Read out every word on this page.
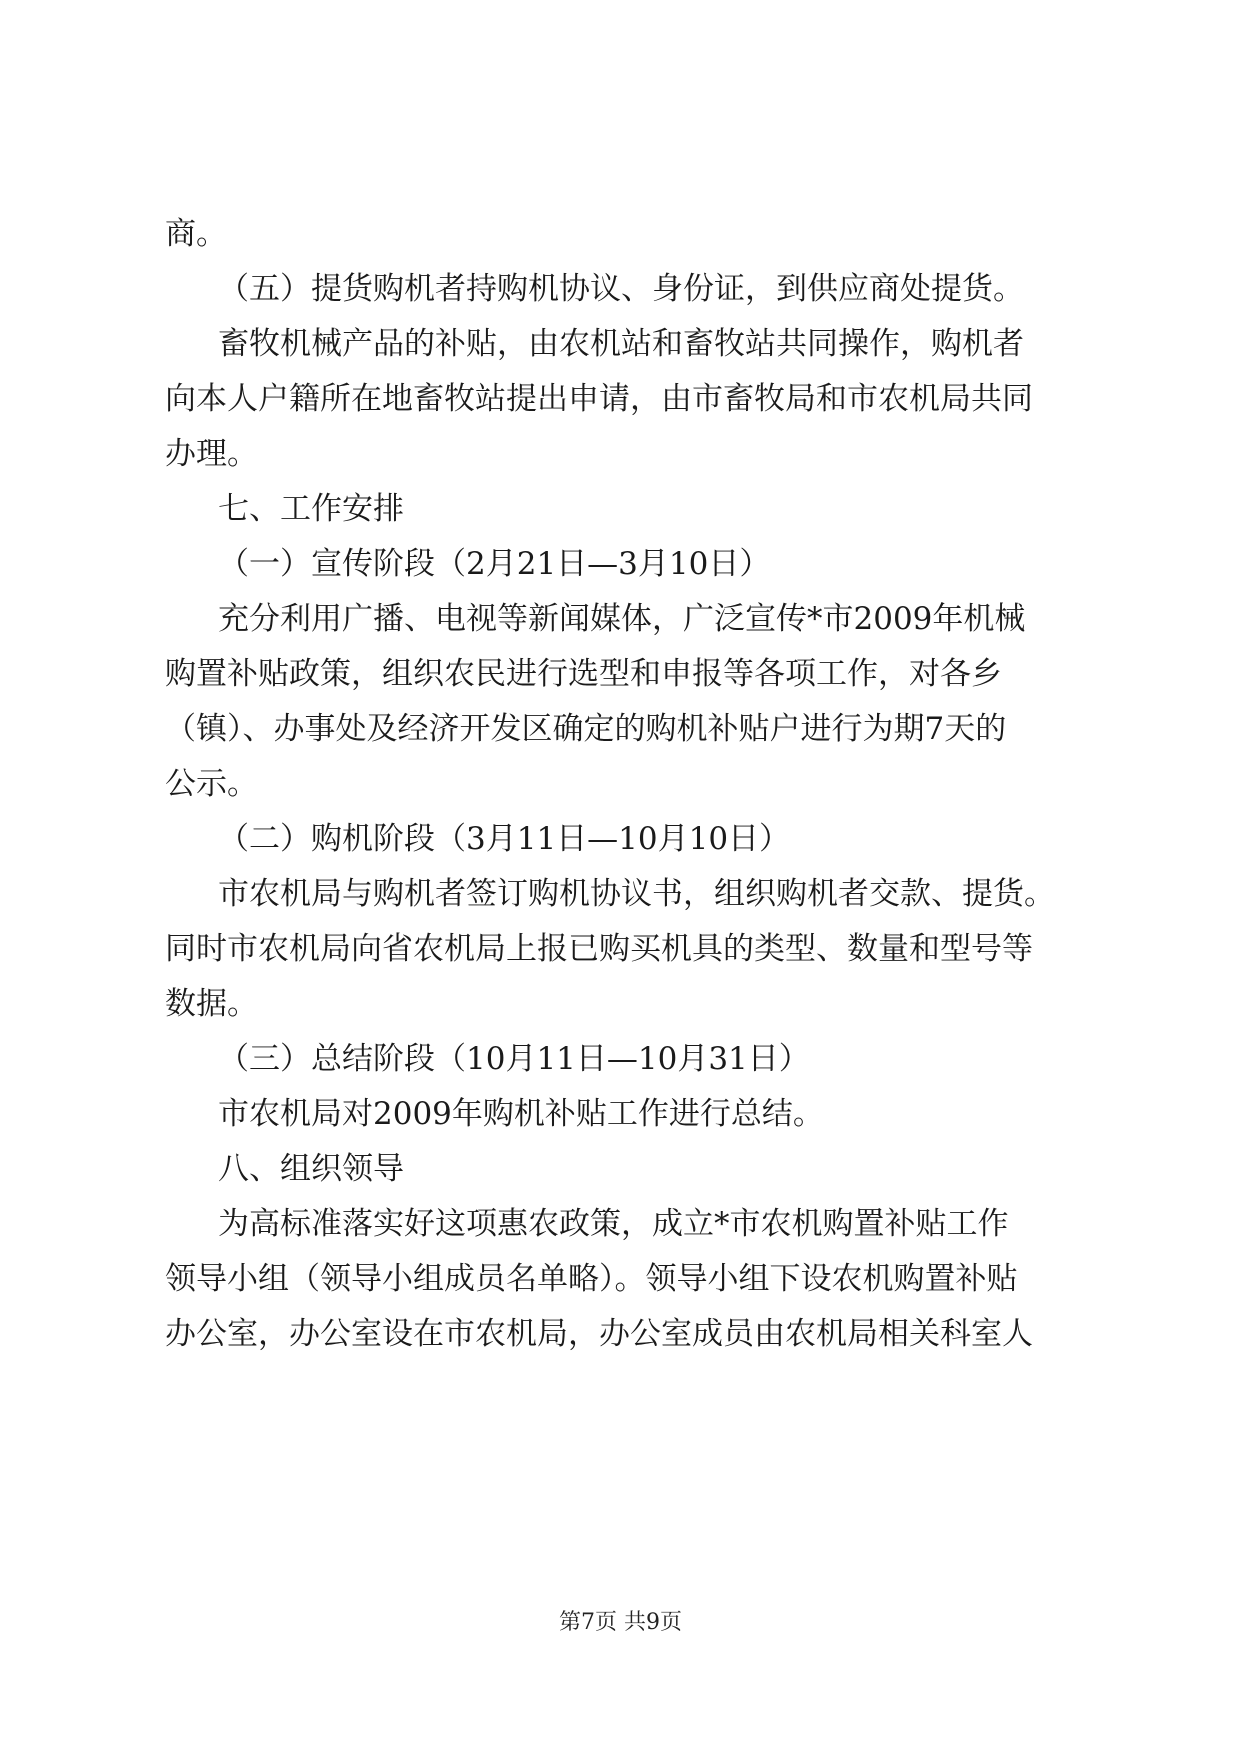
商。
（五）提货购机者持购机协议、身份证，到供应商处提货。
畜牧机械产品的补贴，由农机站和畜牧站共同操作，购机者
向本人户籍所在地畜牧站提出申请，由市畜牧局和市农机局共同
办理。
七、工作安排
（一）宣传阶段（2月21日—3月10日）
充分利用广播、电视等新闻媒体，广泛宣传*市2009年机械
购置补贴政策，组织农民进行选型和申报等各项工作，对各乡
（镇）、办事处及经济开发区确定的购机补贴户进行为期7天的
公示。
（二）购机阶段（3月11日—10月10日）
市农机局与购机者签订购机协议书，组织购机者交款、提货。
同时市农机局向省农机局上报已购买机具的类型、数量和型号等
数据。
（三）总结阶段（10月11日—10月31日）
市农机局对2009年购机补贴工作进行总结。
八、组织领导
为高标准落实好这项惠农政策，成立*市农机购置补贴工作
领导小组（领导小组成员名单略）。领导小组下设农机购置补贴
办公室，办公室设在市农机局，办公室成员由农机局相关科室人
第7页 共9页
